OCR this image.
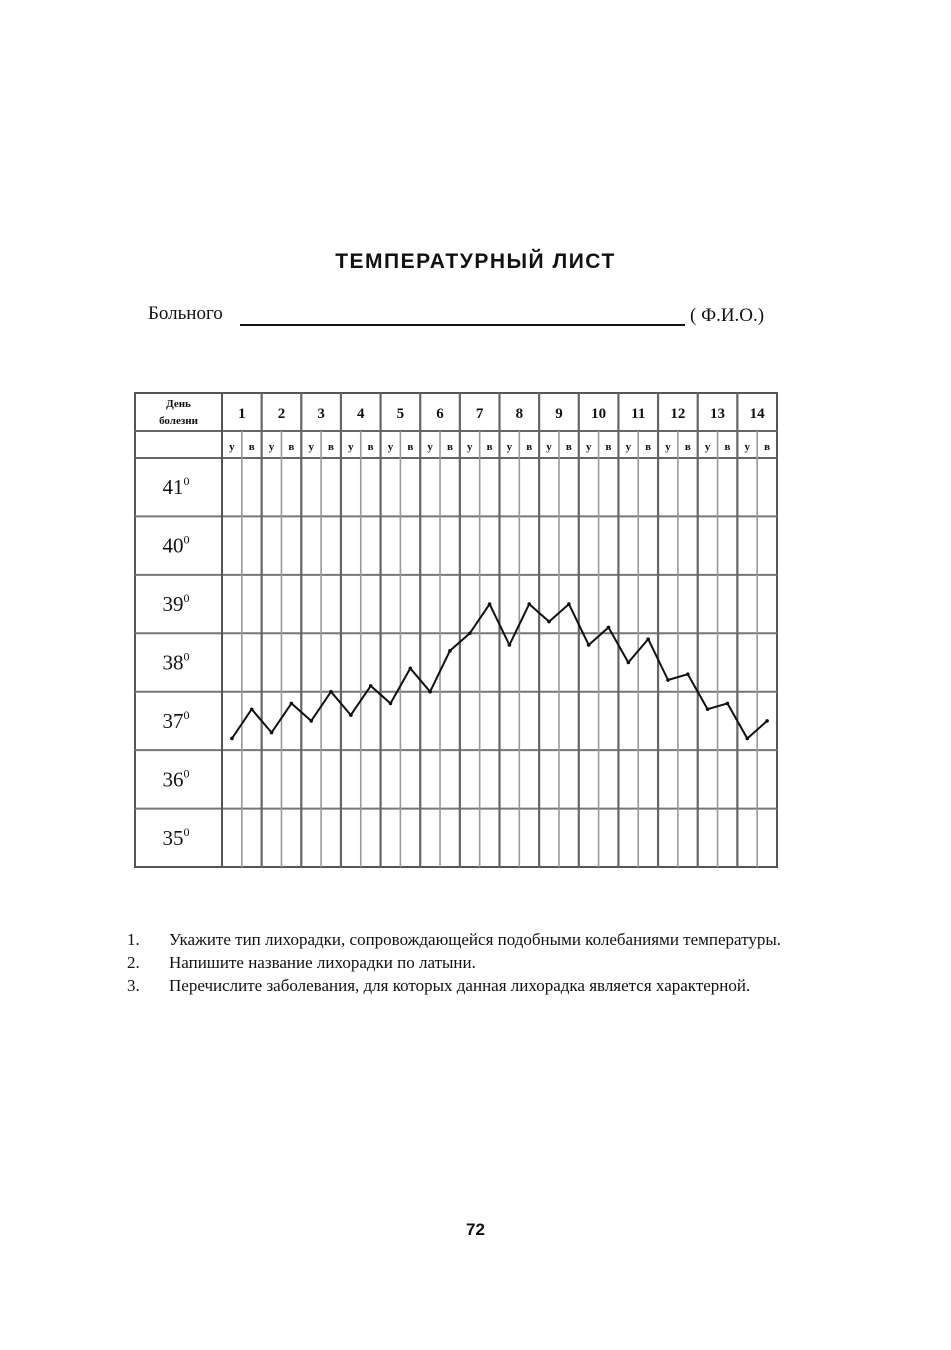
ТЕМПЕРАТУРНЫЙ ЛИСТ
Больного	( Ф.И.О.)
1
у в
2
у в
3
у в
4
у в
5
у в
6
у в
7
у в
8
у в
9
у в
10
у в
11
у в
12
у в
13
у в
14
у в
День
болезни
$41^0$
$40^0$
$39^0$
$38^0$
$37^0$
$36^0$
$35^0$
1. Укажите тип лихорадки, сопровождающейся подобными колебаниями температуры.
2. Напишите название лихорадки по латыни.
3. Перечислите заболевания, для которых данная лихорадка является характерной.
72
